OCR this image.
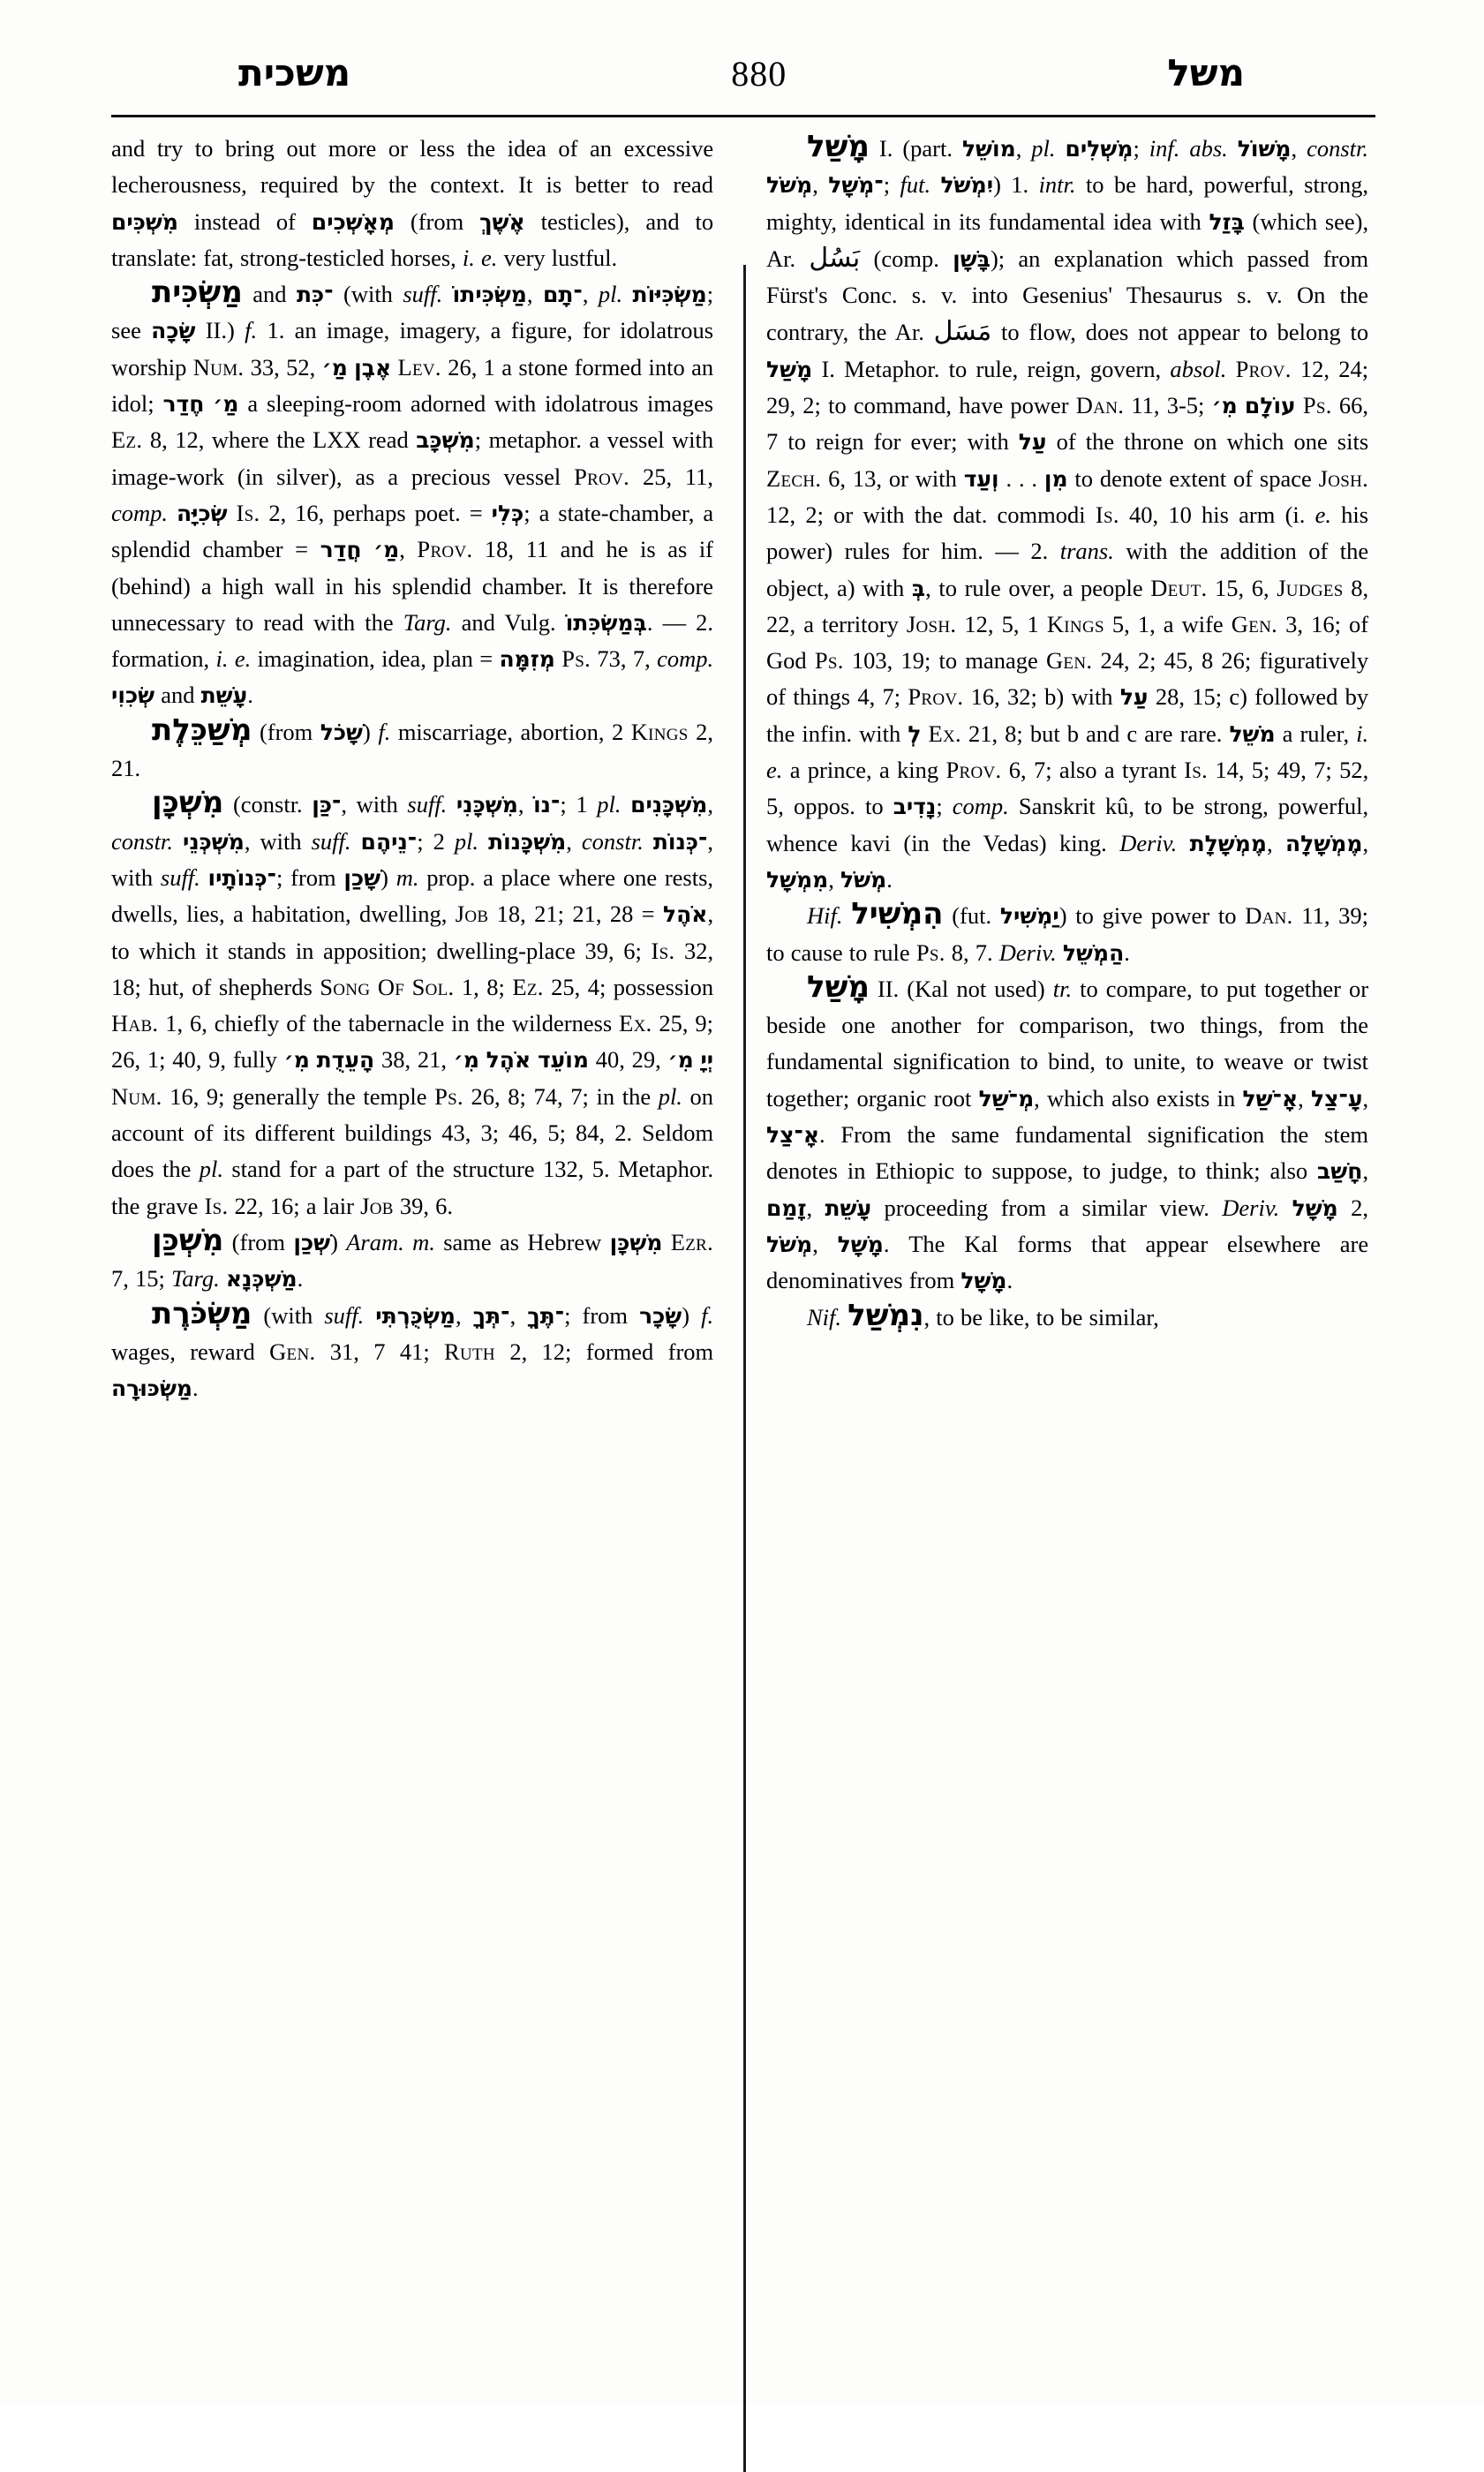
משכית	880	משל

and try to bring out more or less the idea of an excessive lecherousness, required by the context. It is better to read מִשְׁכִּים instead of מְאָשְׁכִים (from אֶשֶׁךְ testicles), and to translate: fat, strong-testicled horses, i. e. very lustful.

מַשְׂכִּית and ־כִּת (with suff. מַשְׂכִּיתוֹ, ־תָם, pl. מַשְׂכִּיּוֹת; see שָׂכָה II.) f. 1. an image, imagery, a figure, for idolatrous worship Num. 33, 52, מַ׳ אֶבֶן Lev. 26, 1 a stone formed into an idol; חֶדַר מַ׳ a sleeping-room adorned with idolatrous images Ez. 8, 12, where the LXX read מִשְׁכָּב; metaphor. a vessel with image-work (in silver), as a precious vessel Prov. 25, 11, comp. שְׂכִיָּה Is. 2, 16, perhaps poet. = כְּלִי; a state-chamber, a splendid chamber = חֲדַר מַ׳, Prov. 18, 11 and he is as if (behind) a high wall in his splendid chamber. It is therefore unnecessary to read with the Targ. and Vulg. בְּמַשְׂכִּתוֹ. — 2. formation, i. e. imagination, idea, plan = מְזִמָּה Ps. 73, 7, comp. שְׂכִוִי and עָשֵׁת.

מְשַׁכֵּלֶת (from שָׁכֹל) f. miscarriage, abortion, 2 Kings 2, 21.

מִשְׁכָּן (constr. ־כַּן, with suff. מִשְׁכָּנִי, ־נוֹ; 1 pl. מִשְׁכָּנִים, constr. מִשְׁכְּנֵי, with suff. ־נֵיהֶם; 2 pl. מִשְׁכָּנוֹת, constr. ־כְּנוֹת, with suff. ־כְּנוֹתָיו; from שָׁכַן) m. prop. a place where one rests, dwells, lies, a habitation, dwelling, Job 18, 21; 21, 28 = אֹהֶל, to which it stands in apposition; dwelling-place 39, 6; Is. 32, 18; hut, of shepherds Song Of Sol. 1, 8; Ez. 25, 4; possession Hab. 1, 6, chiefly of the tabernacle in the wilderness Ex. 25, 9; 26, 1; 40, 9, fully מִ׳ הָעֵדֻת 38, 21, מִ׳ אֹהֶל מוֹעֵד 40, 29, מִ׳ יְיָ Num. 16, 9; generally the temple Ps. 26, 8; 74, 7; in the pl. on account of its different buildings 43, 3; 46, 5; 84, 2. Seldom does the pl. stand for a part of the structure 132, 5. Metaphor. the grave Is. 22, 16; a lair Job 39, 6.

מִשְׁכַּן (from שְׁכַן) Aram. m. same as Hebrew מִשְׁכָּן Ezr. 7, 15; Targ. מַשְׁכְּנָא.

מַשְׂכֹּרֶת (with suff. מַשְׂכֻּרְתִּי, ־תְּךָ, ־תֶּךָ; from שָׂכָר) f. wages, reward Gen. 31, 7 41; Ruth 2, 12; formed from מַשְׂכּוּרָה.

מָשַׁל I. (part. מוֹשֵׁל, pl. מְשְׁלִים; inf. abs. מָשׁוֹל, constr. מְשֹׁל, ־מְשָׁל; fut. יִמְשֹׁל) 1. intr. to be hard, powerful, strong, mighty, identical in its fundamental idea with בָּזַל (which see), Ar. بَسُل (comp. בָּשָׁן); an explanation which passed from Fürst's Conc. s. v. into Gesenius' Thesaurus s. v. On the contrary, the Ar. مَسَل to flow, does not appear to belong to מָשַׁל I. Metaphor. to rule, reign, govern, absol. Prov. 12, 24; 29, 2; to command, have power Dan. 11, 3-5; מִ׳ עוֹלָם Ps. 66, 7 to reign for ever; with עַל of the throne on which one sits Zech. 6, 13, or with וְעַד . . . מִן to denote extent of space Josh. 12, 2; or with the dat. commodi Is. 40, 10 his arm (i. e. his power) rules for him. — 2. trans. with the addition of the object, a) with בְּ, to rule over, a people Deut. 15, 6, Judges 8, 22, a territory Josh. 12, 5, 1 Kings 5, 1, a wife Gen. 3, 16; of God Ps. 103, 19; to manage Gen. 24, 2; 45, 8 26; figuratively of things 4, 7; Prov. 16, 32; b) with עַל 28, 15; c) followed by the infin. with לְ Ex. 21, 8; but b and c are rare. מֹשֵׁל a ruler, i. e. a prince, a king Prov. 6, 7; also a tyrant Is. 14, 5; 49, 7; 52, 5, oppos. to נָדִיב; comp. Sanskrit kû, to be strong, powerful, whence kavi (in the Vedas) king. Deriv. מֶמְשָׁלָת, מֶמְשָׁלָה, מִמְשָׁל, מְשֹׁל.

Hif. הִמְשִׁיל (fut. יַמְשִׁיל) to give power to Dan. 11, 39; to cause to rule Ps. 8, 7. Deriv. הַמְשֵׁל.

מָשַׁל II. (Kal not used) tr. to compare, to put together or beside one another for comparison, two things, from the fundamental signification to bind, to unite, to weave or twist together; organic root מְ־שַׁל, which also exists in אָ־שַׁל, עָ־צַל, אָ־צַל. From the same fundamental signification the stem denotes in Ethiopic to suppose, to judge, to think; also חָשַׁב, זָמַם, עָשֵׁת proceeding from a similar view. Deriv. מָשָׁל 2, מְשֹׁל, מָשָׁל. The Kal forms that appear elsewhere are denominatives from מָשָׁל.

Nif. נִמְשַׁל, to be like, to be similar,
